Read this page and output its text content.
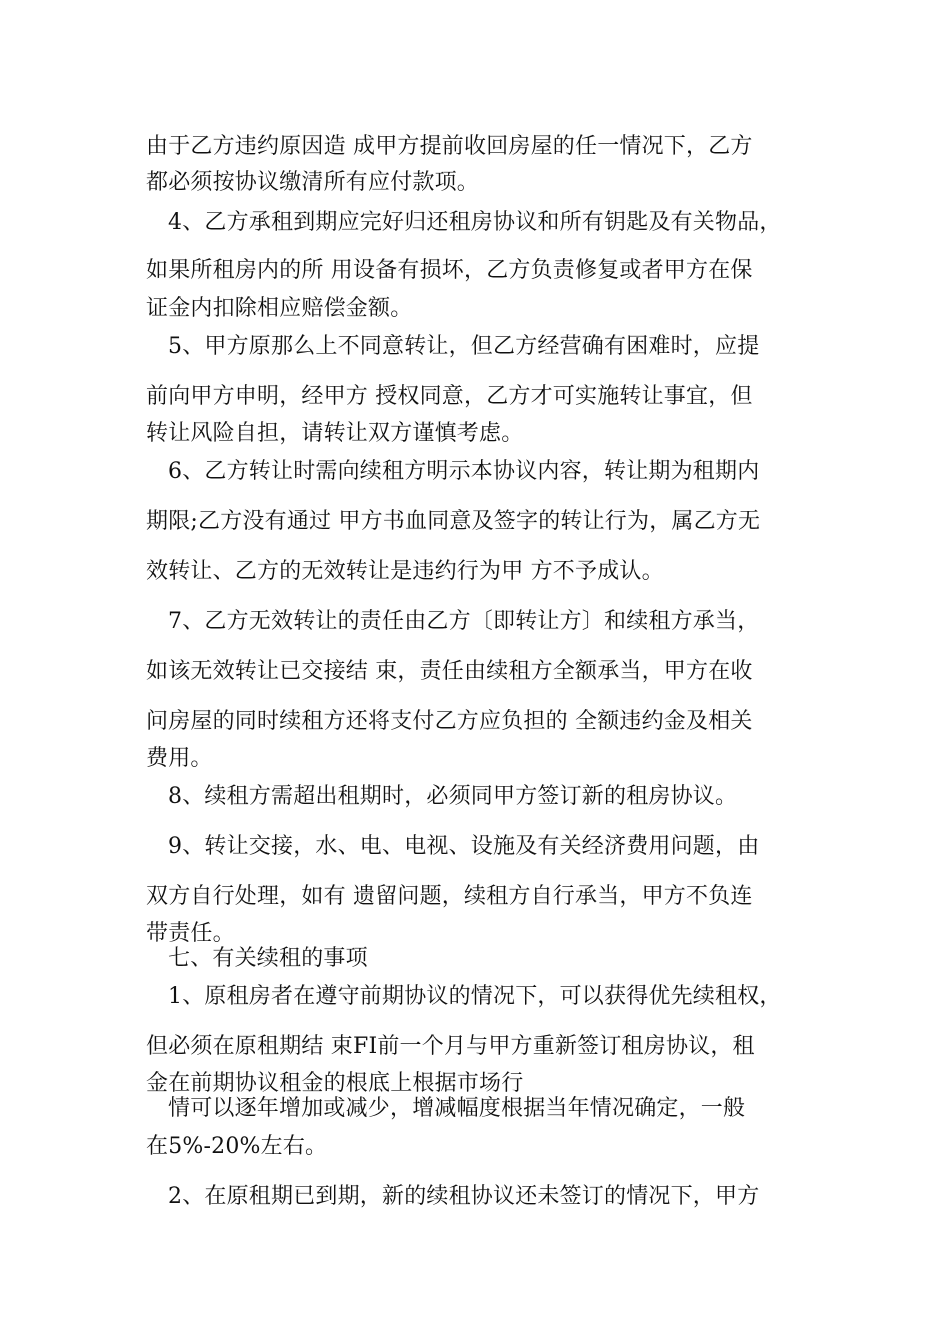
由于乙方违约原因造 成甲方提前收回房屋的任一情况下，乙方
都必须按协议缴清所有应付款项。
4、乙方承租到期应完好归还租房协议和所有钥匙及有关物品，
如果所租房内的所 用设备有损坏，乙方负责修复或者甲方在保
证金内扣除相应赔偿金额。
5、甲方原那么上不同意转让，但乙方经营确有困难时，应提
前向甲方申明，经甲方 授权同意，乙方才可实施转让事宜，但
转让风险自担，请转让双方谨慎考虑。
6、乙方转让时需向续租方明示本协议内容，转让期为租期内
期限;乙方没有通过 甲方书血同意及签字的转让行为，属乙方无
效转让、乙方的无效转让是违约行为甲 方不予成认。
7、乙方无效转让的责任由乙方〔即转让方〕和续租方承当，
如该无效转让已交接结 束，责任由续租方全额承当，甲方在收
问房屋的同时续租方还将支付乙方应负担的 全额违约金及相关
费用。
8、续租方需超出租期时，必须同甲方签订新的租房协议。
9、转让交接，水、电、电视、设施及有关经济费用问题，由
双方自行处理，如有 遗留问题，续租方自行承当，甲方不负连
带责任。
七、有关续租的事项
1、原租房者在遵守前期协议的情况下，可以获得优先续租权，
但必须在原租期结 束FI前一个月与甲方重新签订租房协议，租
金在前期协议租金的根底上根据市场行
情可以逐年增加或减少，增减幅度根据当年情况确定，一般
在5%-20%左右。
2、在原租期已到期，新的续租协议还未签订的情况下，甲方
